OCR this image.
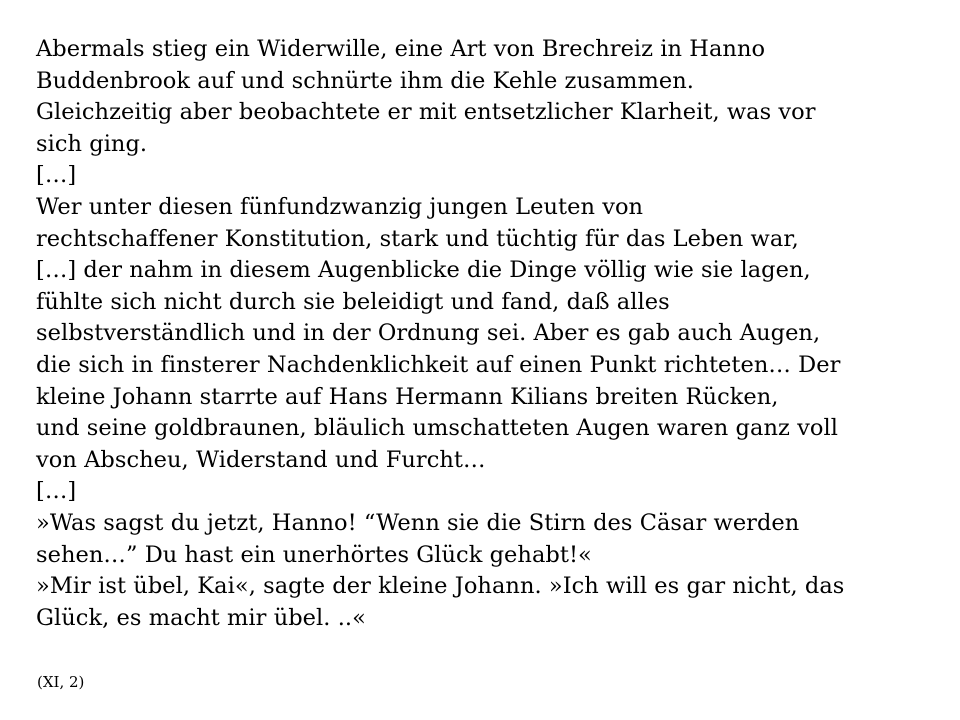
Abermals stieg ein Widerwille, eine Art von Brechreiz in Hanno
Buddenbrook auf und schnürte ihm die Kehle zusammen.
Gleichzeitig aber beobachtete er mit entsetzlicher Klarheit, was vor
sich ging.
[…]
Wer unter diesen fünfundzwanzig jungen Leuten von
rechtschaffener Konstitution, stark und tüchtig für das Leben war,
[…] der nahm in diesem Augenblicke die Dinge völlig wie sie lagen,
fühlte sich nicht durch sie beleidigt und fand, daß alles
selbstverständlich und in der Ordnung sei. Aber es gab auch Augen,
die sich in finsterer Nachdenklichkeit auf einen Punkt richteten… Der
kleine Johann starrte auf Hans Hermann Kilians breiten Rücken,
und seine goldbraunen, bläulich umschatteten Augen waren ganz voll
von Abscheu, Widerstand und Furcht…
[…]
»Was sagst du jetzt, Hanno! “Wenn sie die Stirn des Cäsar werden
sehen…” Du hast ein unerhörtes Glück gehabt!«
»Mir ist übel, Kai«, sagte der kleine Johann. »Ich will es gar nicht, das
Glück, es macht mir übel. ..«
(XI, 2)
